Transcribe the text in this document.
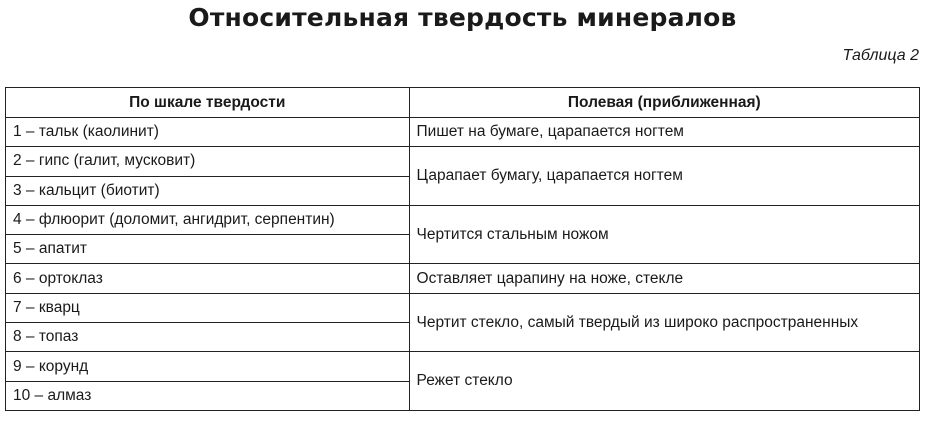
Относительная твердость минералов
Таблица 2
По шкале твердости	Полевая (приближенная)
1 – тальк (каолинит)	Пишет на бумаге, царапается ногтем
2 – гипс (галит, мусковит)	Царапает бумагу, царапается ногтем
3 – кальцит (биотит)	
4 – флюорит (доломит, ангидрит, серпентин)	Чертится стальным ножом
5 – апатит	
6 – ортоклаз	Оставляет царапину на ноже, стекле
7 – кварц	Чертит стекло, самый твердый из широко распространенных
8 – топаз	
9 – корунд	Режет стекло
10 – алмаз	
